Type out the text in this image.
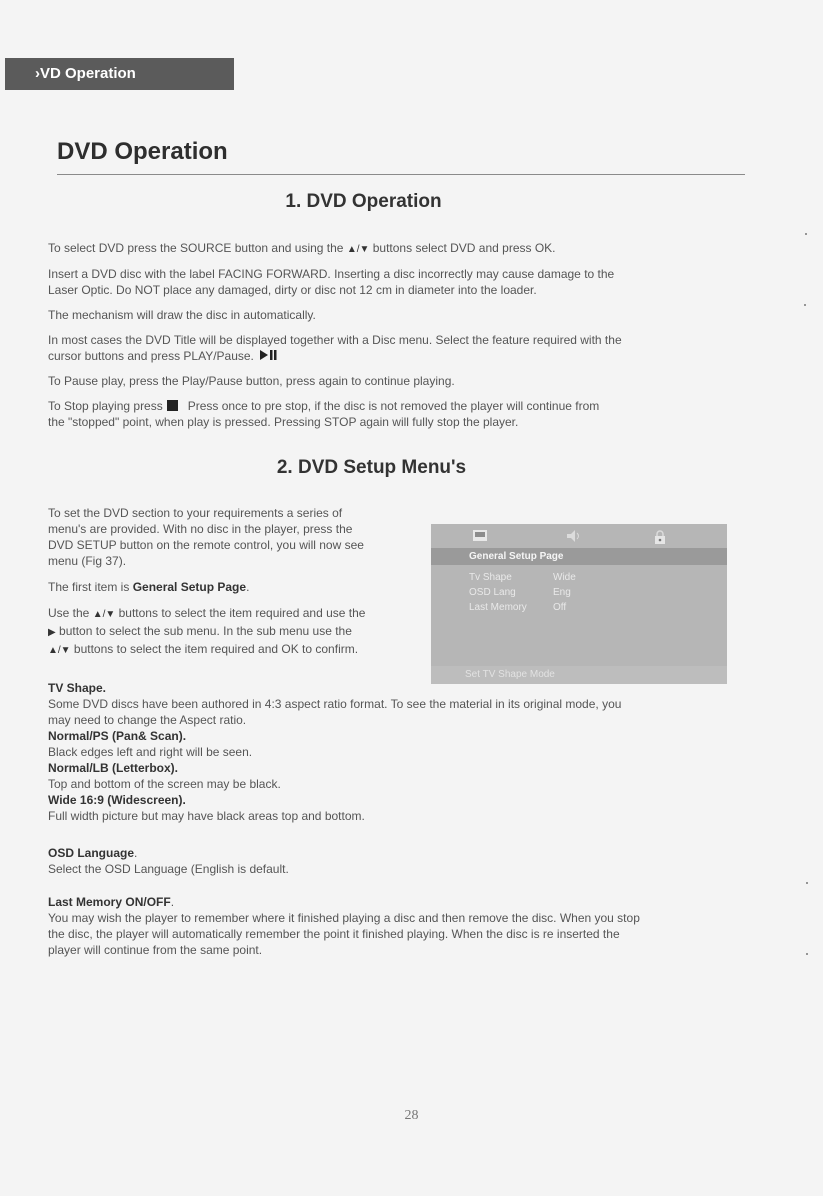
›VD Operation
DVD Operation
1. DVD Operation

To select DVD press the SOURCE button and using the ▲/▼ buttons select DVD and press OK.

Insert a DVD disc with the label FACING FORWARD. Inserting a disc incorrectly may cause damage to the
Laser Optic. Do NOT place any damaged, dirty or disc not 12 cm in diameter into the loader.

The mechanism will draw the disc in automatically.

In most cases the DVD Title will be displayed together with a Disc menu. Select the feature required with the
cursor buttons and press PLAY/Pause.

To Pause play, press the Play/Pause button, press again to continue playing.

To Stop playing press Press once to pre stop, if the disc is not removed the player will continue from
the "stopped" point, when play is pressed. Pressing STOP again will fully stop the player.

2. DVD Setup Menu's

To set the DVD section to your requirements a series of
menu's are provided. With no disc in the player, press the
DVD SETUP button on the remote control, you will now see
menu (Fig 37).

The first item is General Setup Page.

Use the ▲/▼ buttons to select the item required and use the
▶ button to select the sub menu. In the sub menu use the
▲/▼ buttons to select the item required and OK to confirm.

General Setup Page
Tv Shape	Wide
OSD Lang	Eng
Last Memory	Off
Set TV Shape Mode

TV Shape.
Some DVD discs have been authored in 4:3 aspect ratio format. To see the material in its original mode, you
may need to change the Aspect ratio.
Normal/PS (Pan& Scan).
Black edges left and right will be seen.
Normal/LB (Letterbox).
Top and bottom of the screen may be black.
Wide 16:9 (Widescreen).
Full width picture but may have black areas top and bottom.

OSD Language.
Select the OSD Language (English is default.

Last Memory ON/OFF.
You may wish the player to remember where it finished playing a disc and then remove the disc. When you stop
the disc, the player will automatically remember the point it finished playing. When the disc is re inserted the
player will continue from the same point.

28
